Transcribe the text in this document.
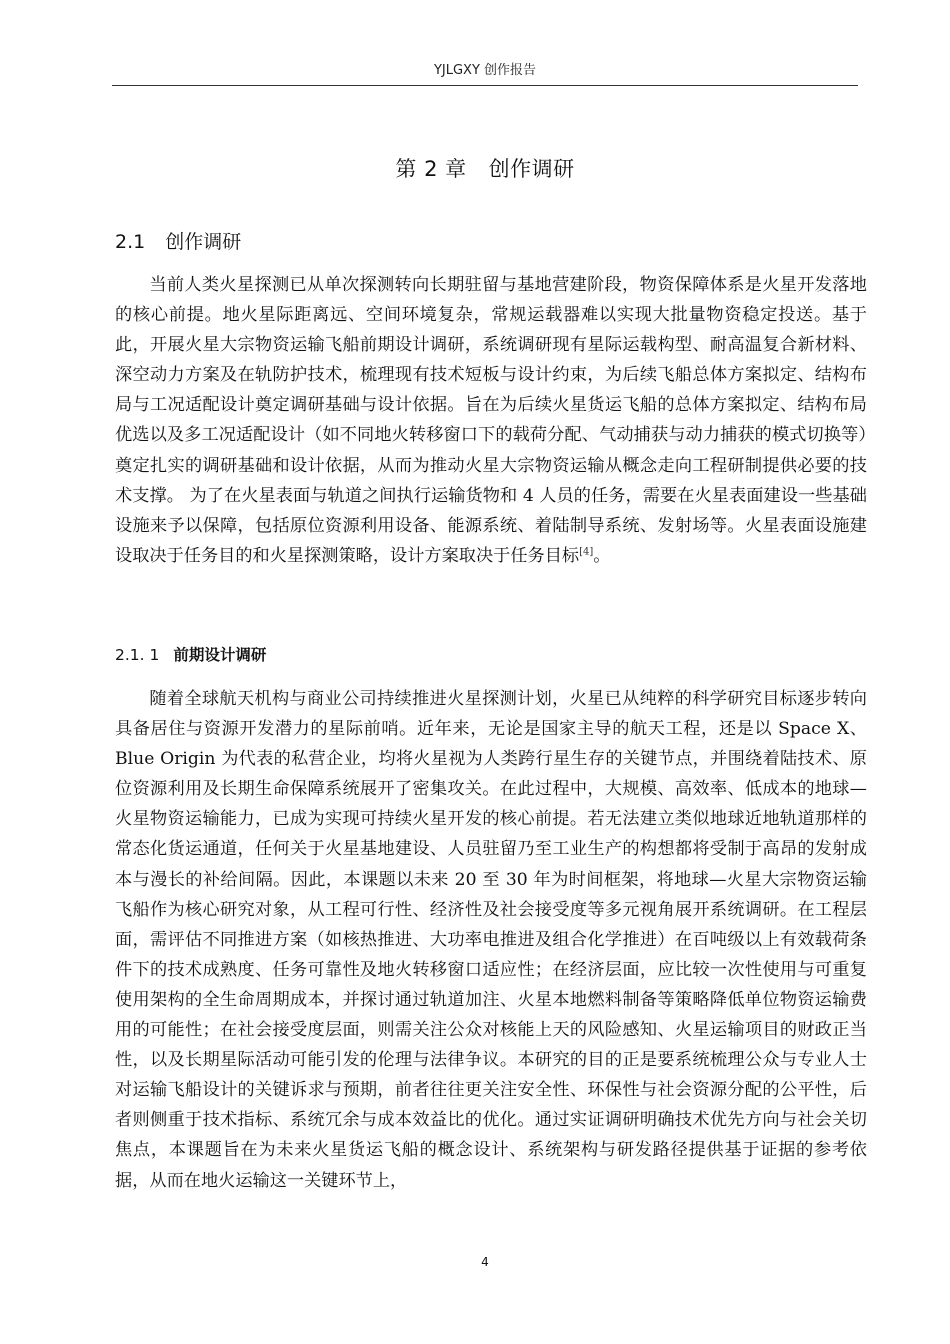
YJLGXY 创作报告
第 2 章 创作调研
2.1 创作调研

当前人类火星探测已从单次探测转向长期驻留与基地营建阶段，物资保障体系是火星开发落地的核心前提。地火星际距离远、空间环境复杂，常规运载器难以实现大批量物资稳定投送。基于此，开展火星大宗物资运输飞船前期设计调研，系统调研现有星际运载构型、耐高温复合新材料、深空动力方案及在轨防护技术，梳理现有技术短板与设计约束，为后续飞船总体方案拟定、结构布局与工况适配设计奠定调研基础与设计依据。旨在为后续火星货运飞船的总体方案拟定、结构布局优选以及多工况适配设计（如不同地火转移窗口下的载荷分配、气动捕获与动力捕获的模式切换等）奠定扎实的调研基础和设计依据，从而为推动火星大宗物资运输从概念走向工程研制提供必要的技术支撑。 为了在火星表面与轨道之间执行运输货物和 4 人员的任务，需要在火星表面建设一些基础设施来予以保障，包括原位资源利用设备、能源系统、着陆制导系统、发射场等。火星表面设施建设取决于任务目的和火星探测策略，设计方案取决于任务目标[4]。

2.1. 1 前期设计调研

随着全球航天机构与商业公司持续推进火星探测计划，火星已从纯粹的科学研究目标逐步转向具备居住与资源开发潜力的星际前哨。近年来，无论是国家主导的航天工程，还是以 Space X、Blue Origin 为代表的私营企业，均将火星视为人类跨行星生存的关键节点，并围绕着陆技术、原位资源利用及长期生命保障系统展开了密集攻关。在此过程中，大规模、高效率、低成本的地球—火星物资运输能力，已成为实现可持续火星开发的核心前提。若无法建立类似地球近地轨道那样的常态化货运通道，任何关于火星基地建设、人员驻留乃至工业生产的构想都将受制于高昂的发射成本与漫长的补给间隔。因此，本课题以未来 20 至 30 年为时间框架，将地球—火星大宗物资运输飞船作为核心研究对象，从工程可行性、经济性及社会接受度等多元视角展开系统调研。在工程层面，需评估不同推进方案（如核热推进、大功率电推进及组合化学推进）在百吨级以上有效载荷条件下的技术成熟度、任务可靠性及地火转移窗口适应性；在经济层面，应比较一次性使用与可重复使用架构的全生命周期成本，并探讨通过轨道加注、火星本地燃料制备等策略降低单位物资运输费用的可能性；在社会接受度层面，则需关注公众对核能上天的风险感知、火星运输项目的财政正当性，以及长期星际活动可能引发的伦理与法律争议。本研究的目的正是要系统梳理公众与专业人士对运输飞船设计的关键诉求与预期，前者往往更关注安全性、环保性与社会资源分配的公平性，后者则侧重于技术指标、系统冗余与成本效益比的优化。通过实证调研明确技术优先方向与社会关切焦点，本课题旨在为未来火星货运飞船的概念设计、系统架构与研发路径提供基于证据的参考依据，从而在地火运输这一关键环节上，

4
